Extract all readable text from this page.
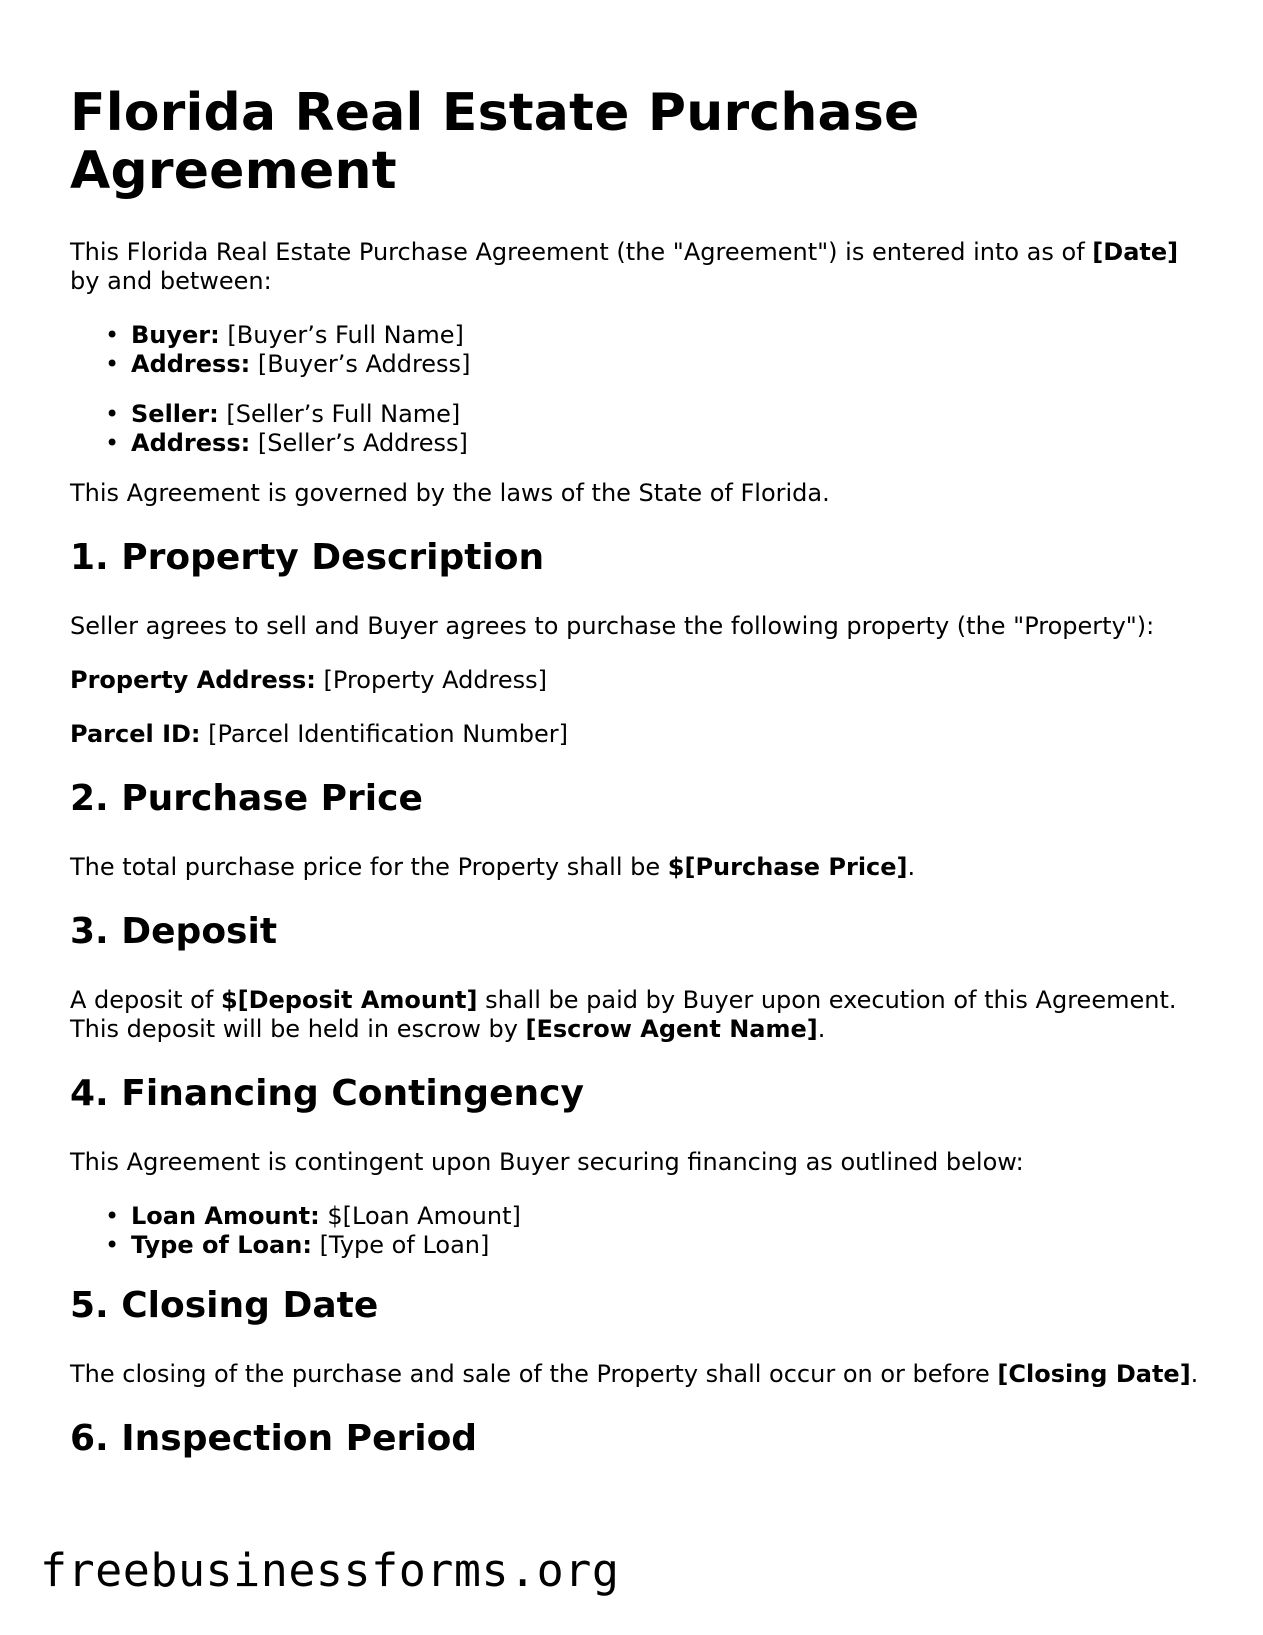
Florida Real Estate Purchase Agreement

This Florida Real Estate Purchase Agreement (the "Agreement") is entered into as of [Date] by and between:

• Buyer: [Buyer’s Full Name]
• Address: [Buyer’s Address]
• Seller: [Seller’s Full Name]
• Address: [Seller’s Address]

This Agreement is governed by the laws of the State of Florida.

1. Property Description

Seller agrees to sell and Buyer agrees to purchase the following property (the "Property"):

Property Address: [Property Address]

Parcel ID: [Parcel Identification Number]

2. Purchase Price

The total purchase price for the Property shall be $[Purchase Price].

3. Deposit

A deposit of $[Deposit Amount] shall be paid by Buyer upon execution of this Agreement. This deposit will be held in escrow by [Escrow Agent Name].

4. Financing Contingency

This Agreement is contingent upon Buyer securing financing as outlined below:

• Loan Amount: $[Loan Amount]
• Type of Loan: [Type of Loan]
5. Closing Date

The closing of the purchase and sale of the Property shall occur on or before [Closing Date].

6. Inspection Period
freebusinessforms.org
